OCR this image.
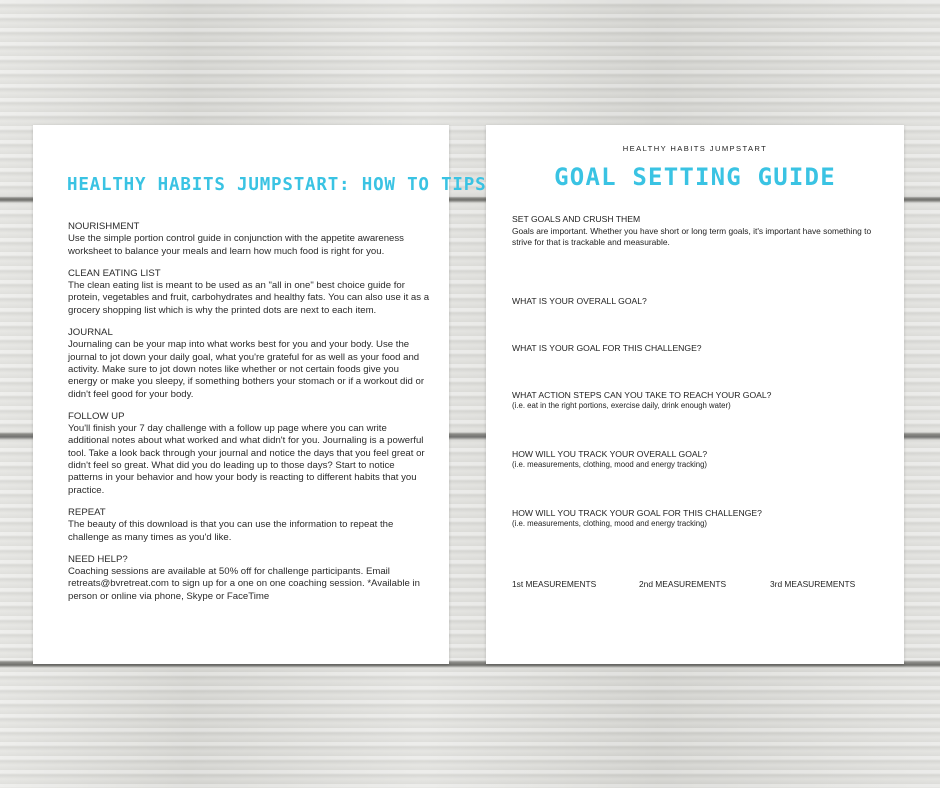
HEALTHY HABITS JUMPSTART: HOW TO TIPS
NOURISHMENT
Use the simple portion control guide in conjunction with the appetite awareness worksheet to balance your meals and learn how much food is right for you.
CLEAN EATING LIST
The clean eating list is meant to be used as an "all in one" best choice guide for protein, vegetables and fruit, carbohydrates and healthy fats. You can also use it as a grocery shopping list which is why the printed dots are next to each item.
JOURNAL
Journaling can be your map into what works best for you and your body. Use the journal to jot down your daily goal, what you're grateful for as well as your food and activity. Make sure to jot down notes like whether or not certain foods give you energy or make you sleepy, if something bothers your stomach or if a workout did or didn't feel good for your body.
FOLLOW UP
You'll finish your 7 day challenge with a follow up page where you can write additional notes about what worked and what didn't for you. Journaling is a powerful tool. Take a look back through your journal and notice the days that you feel great or didn't feel so great. What did you do leading up to those days? Start to notice patterns in your behavior and how your body is reacting to different habits that you practice.
REPEAT
The beauty of this download is that you can use the information to repeat the challenge as many times as you'd like.
NEED HELP?
Coaching sessions are available at 50% off for challenge participants. Email retreats@bvretreat.com to sign up for a one on one coaching session. *Available in person or online via phone, Skype or FaceTime
HEALTHY HABITS JUMPSTART
GOAL SETTING GUIDE
SET GOALS AND CRUSH THEM
Goals are important. Whether you have short or long term goals, it's important have something to strive for that is trackable and measurable.
WHAT IS YOUR OVERALL GOAL?
WHAT IS YOUR GOAL FOR THIS CHALLENGE?
WHAT ACTION STEPS CAN YOU TAKE TO REACH YOUR GOAL?
(i.e. eat in the right portions, exercise daily, drink enough water)
HOW WILL YOU TRACK YOUR OVERALL GOAL?
(i.e. measurements, clothing, mood and energy tracking)
HOW WILL YOU TRACK YOUR GOAL FOR THIS CHALLENGE?
(i.e. measurements, clothing, mood and energy tracking)
1st MEASUREMENTS	2nd MEASUREMENTS	3rd MEASUREMENTS
